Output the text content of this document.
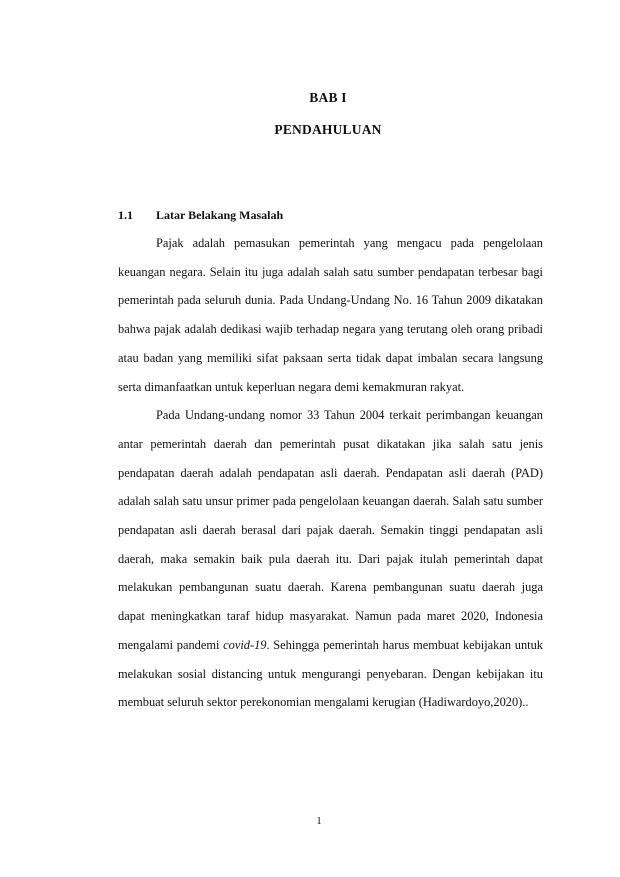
BAB I
PENDAHULUAN
1.1 Latar Belakang Masalah

Pajak adalah pemasukan pemerintah yang mengacu pada pengelolaan keuangan negara. Selain itu juga adalah salah satu sumber pendapatan terbesar bagi pemerintah pada seluruh dunia. Pada Undang-Undang No. 16 Tahun 2009 dikatakan bahwa pajak adalah dedikasi wajib terhadap negara yang terutang oleh orang pribadi atau badan yang memiliki sifat paksaan serta tidak dapat imbalan secara langsung serta dimanfaatkan untuk keperluan negara demi kemakmuran rakyat.

Pada Undang-undang nomor 33 Tahun 2004 terkait perimbangan keuangan antar pemerintah daerah dan pemerintah pusat dikatakan jika salah satu jenis pendapatan daerah adalah pendapatan asli daerah. Pendapatan asli daerah (PAD) adalah salah satu unsur primer pada pengelolaan keuangan daerah. Salah satu sumber pendapatan asli daerah berasal dari pajak daerah. Semakin tinggi pendapatan asli daerah, maka semakin baik pula daerah itu. Dari pajak itulah pemerintah dapat melakukan pembangunan suatu daerah. Karena pembangunan suatu daerah juga dapat meningkatkan taraf hidup masyarakat. Namun pada maret 2020, Indonesia mengalami pandemi covid-19. Sehingga pemerintah harus membuat kebijakan untuk melakukan sosial distancing untuk mengurangi penyebaran. Dengan kebijakan itu membuat seluruh sektor perekonomian mengalami kerugian (Hadiwardoyo,2020)..

1
